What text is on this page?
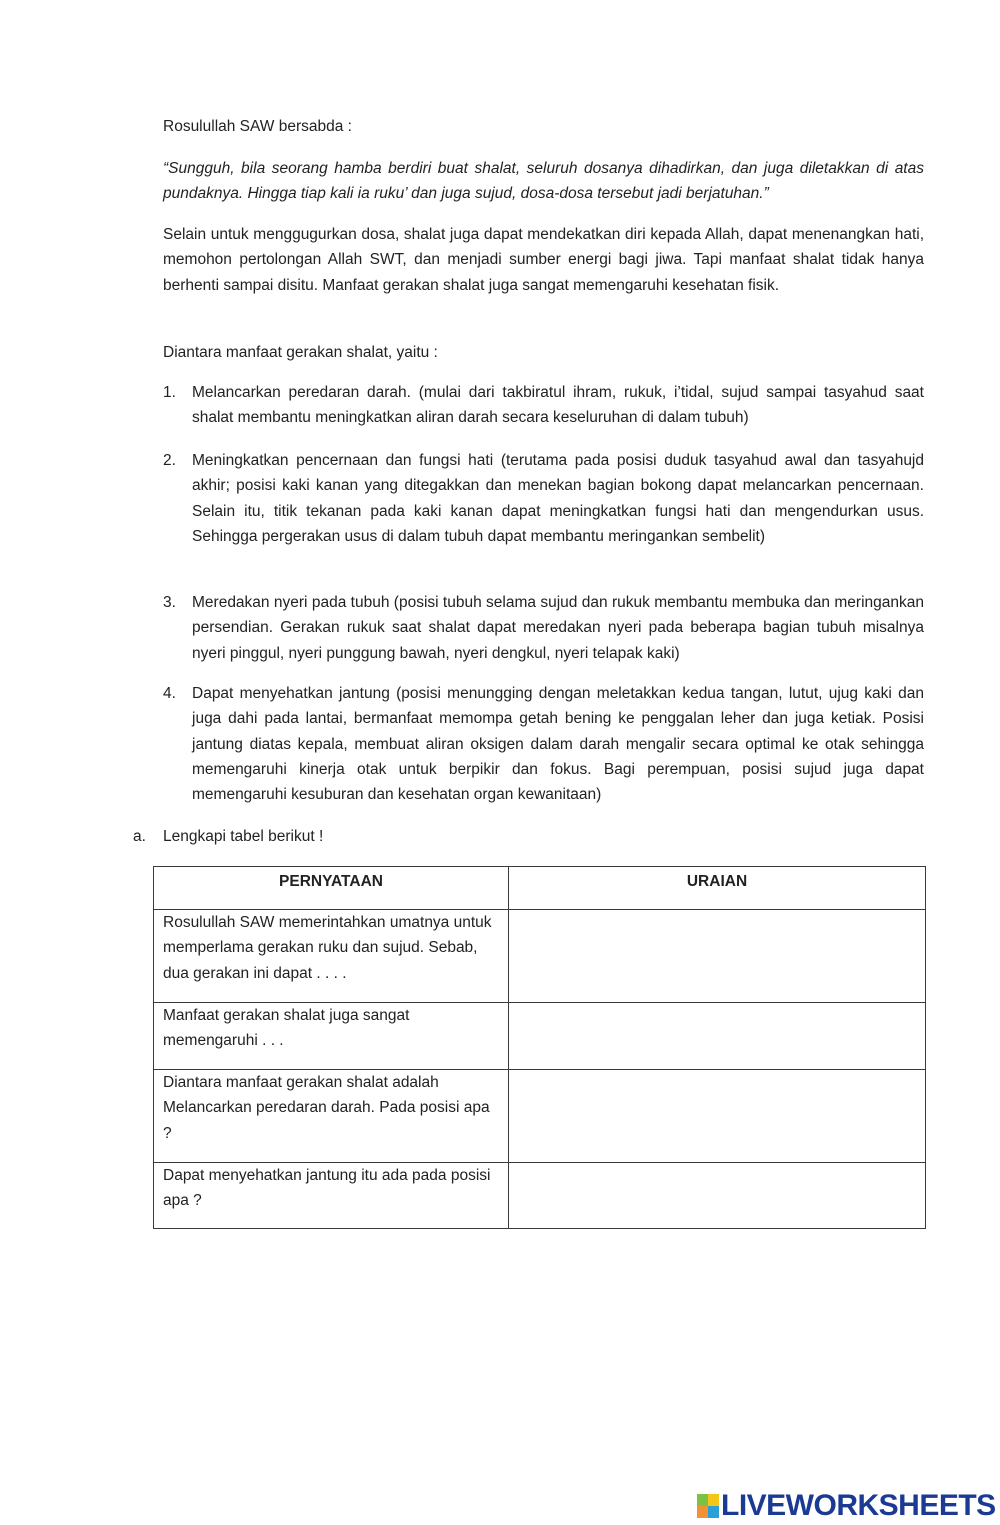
Rosulullah SAW bersabda :
“Sungguh, bila seorang hamba berdiri buat shalat, seluruh dosanya dihadirkan, dan juga diletakkan di atas pundaknya. Hingga tiap kali ia ruku’ dan juga sujud, dosa-dosa tersebut jadi berjatuhan.”
Selain untuk menggugurkan dosa, shalat juga dapat mendekatkan diri kepada Allah, dapat menenangkan hati, memohon pertolongan Allah SWT, dan menjadi sumber energi bagi jiwa. Tapi manfaat shalat tidak hanya berhenti sampai disitu. Manfaat gerakan shalat juga sangat memengaruhi kesehatan fisik.
Diantara manfaat gerakan shalat, yaitu :
1.	Melancarkan peredaran darah. (mulai dari takbiratul ihram, rukuk, i’tidal, sujud sampai tasyahud saat shalat membantu meningkatkan aliran darah secara keseluruhan di dalam tubuh)
2.	Meningkatkan pencernaan dan fungsi hati (terutama pada posisi duduk tasyahud awal dan tasyahujd akhir; posisi kaki kanan yang ditegakkan dan menekan bagian bokong dapat melancarkan pencernaan. Selain itu, titik tekanan pada kaki kanan dapat meningkatkan fungsi hati dan mengendurkan usus. Sehingga pergerakan usus di dalam tubuh dapat membantu meringankan sembelit)
3.	Meredakan nyeri pada tubuh (posisi tubuh selama sujud dan rukuk membantu membuka dan meringankan persendian. Gerakan rukuk saat shalat dapat meredakan nyeri pada beberapa bagian tubuh misalnya nyeri pinggul, nyeri punggung bawah, nyeri dengkul, nyeri telapak kaki)
4.	Dapat menyehatkan jantung (posisi menungging dengan meletakkan kedua tangan, lutut, ujug kaki dan juga dahi pada lantai, bermanfaat memompa getah bening ke penggalan leher dan juga ketiak. Posisi jantung diatas kepala, membuat aliran oksigen dalam darah mengalir secara optimal ke otak sehingga memengaruhi kinerja otak untuk berpikir dan fokus. Bagi perempuan, posisi sujud juga dapat memengaruhi kesuburan dan kesehatan organ kewanitaan)
a. Lengkapi tabel berikut !
PERNYATAAN	URAIAN
Rosulullah SAW memerintahkan umatnya untuk memperlama gerakan ruku dan sujud. Sebab, dua gerakan ini dapat . . . .	
Manfaat gerakan shalat juga sangat memengaruhi . . .	
Diantara manfaat gerakan shalat adalah Melancarkan peredaran darah. Pada posisi apa ?	
Dapat menyehatkan jantung itu ada pada posisi apa ?	
LIVEWORKSHEETS
